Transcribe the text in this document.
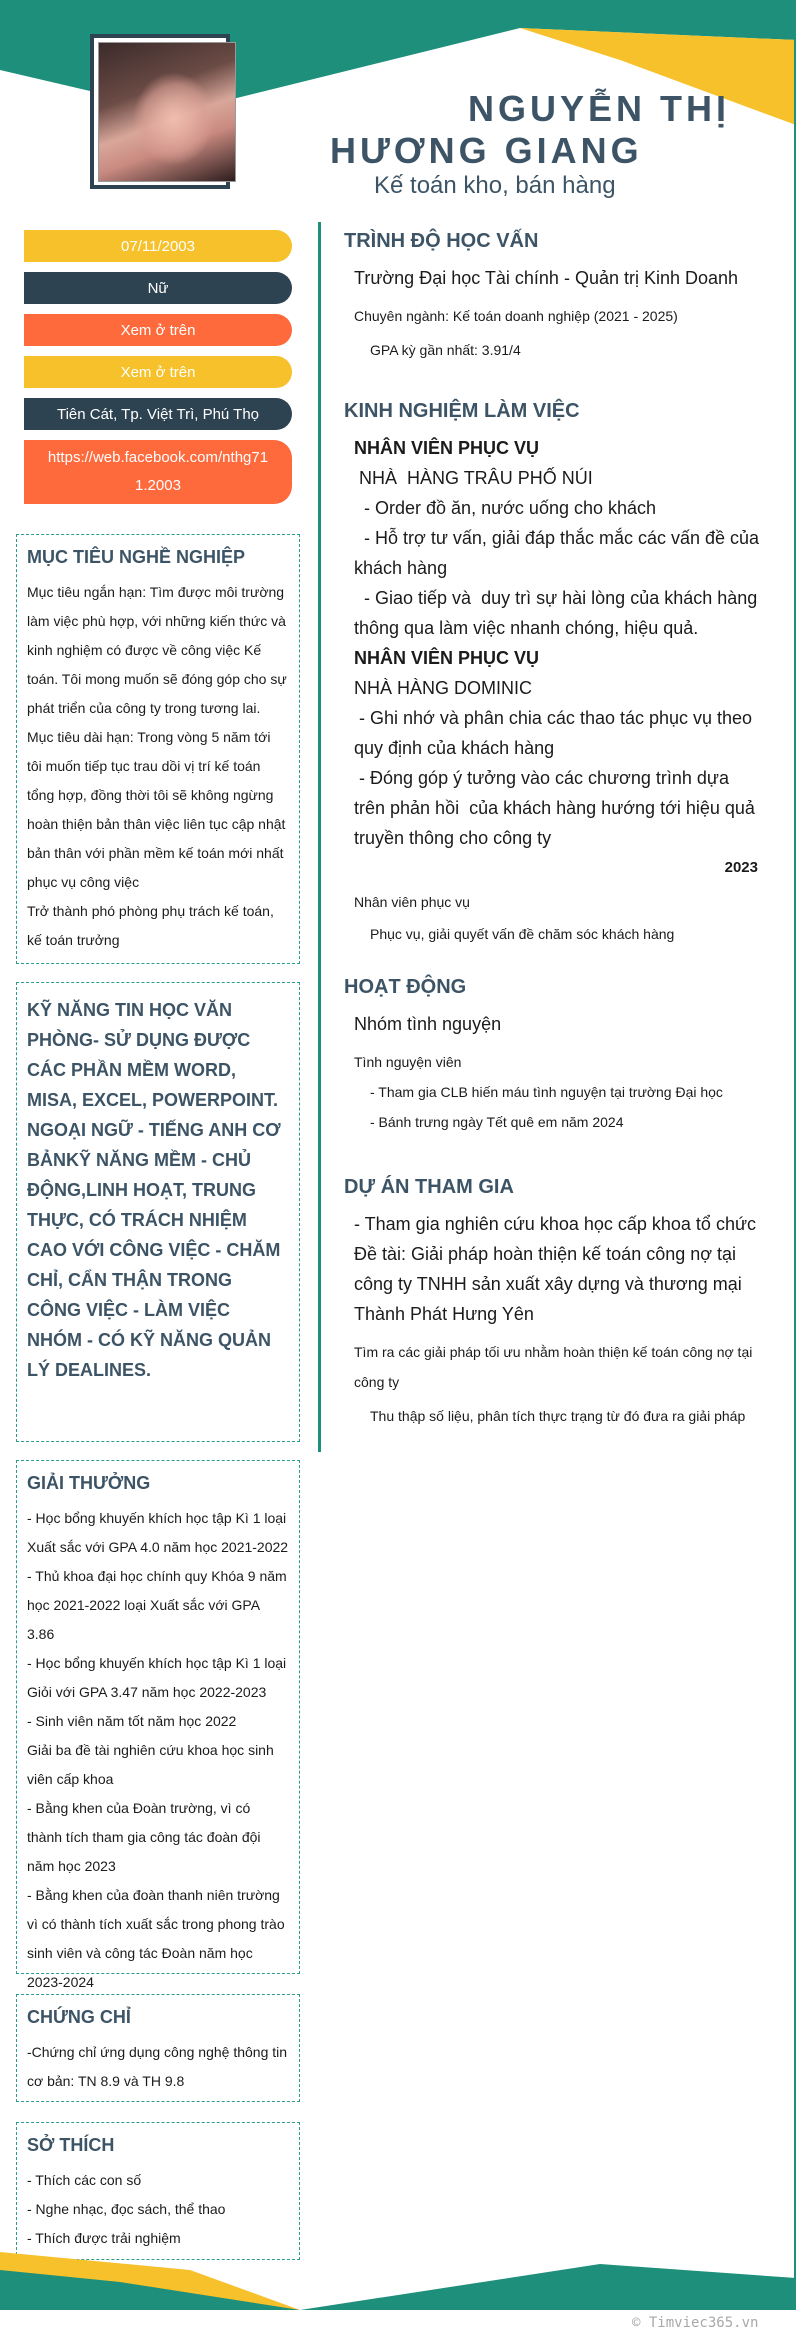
NGUYỄN THỊ
HƯƠNG GIANG
Kế toán kho, bán hàng
07/11/2003
Nữ
Xem ở trên
Xem ở trên
Tiên Cát, Tp. Việt Trì, Phú Thọ
https://web.facebook.com/nthg71 1.2003
MỤC TIÊU NGHỀ NGHIỆP
Mục tiêu ngắn hạn: Tìm được môi trường làm việc phù hợp, với những kiến thức và kinh nghiệm có được về công việc Kế toán. Tôi mong muốn sẽ đóng góp cho sự phát triển của công ty trong tương lai.
Mục tiêu dài hạn: Trong vòng 5 năm tới tôi muốn tiếp tục trau dồi vị trí kế toán tổng hợp, đồng thời tôi sẽ không ngừng hoàn thiện bản thân việc liên tục cập nhật bản thân với phần mềm kế toán mới nhất phục vụ công việc
Trở thành phó phòng phụ trách kế toán, kế toán trưởng
KỸ NĂNG TIN HỌC VĂN PHÒNG- SỬ DỤNG ĐƯỢC CÁC PHẦN MỀM WORD, MISA, EXCEL, POWERPOINT. NGOẠI NGỮ - TIẾNG ANH CƠ BẢNKỸ NĂNG MỀM - CHỦ ĐỘNG,LINH HOẠT, TRUNG THỰC, CÓ TRÁCH NHIỆM CAO VỚI CÔNG VIỆC - CHĂM CHỈ, CẨN THẬN TRONG CÔNG VIỆC - LÀM VIỆC NHÓM - CÓ KỸ NĂNG QUẢN LÝ DEALINES.
GIẢI THƯỞNG
- Học bổng khuyến khích học tập Kì 1 loại Xuất sắc với GPA 4.0 năm học 2021-2022
- Thủ khoa đại học chính quy Khóa 9 năm học 2021-2022 loại Xuất sắc với GPA 3.86
- Học bổng khuyến khích học tập Kì 1 loại Giỏi với GPA 3.47 năm học 2022-2023
- Sinh viên năm tốt năm học 2022
Giải ba đề tài nghiên cứu khoa học sinh viên cấp khoa
- Bằng khen của Đoàn trường, vì có thành tích tham gia công tác đoàn đội năm học 2023
- Bằng khen của đoàn thanh niên trường vì có thành tích xuất sắc trong phong trào sinh viên và công tác Đoàn năm học 2023-2024
CHỨNG CHỈ
-Chứng chỉ ứng dụng công nghệ thông tin cơ bản: TN 8.9 và TH 9.8
SỞ THÍCH
- Thích các con số
- Nghe nhạc, đọc sách, thể thao
- Thích được trải nghiệm
TRÌNH ĐỘ HỌC VẤN
Trường Đại học Tài chính - Quản trị Kinh Doanh
Chuyên ngành: Kế toán doanh nghiệp (2021 - 2025)
GPA kỳ gần nhất: 3.91/4
KINH NGHIỆM LÀM VIỆC
NHÂN VIÊN PHỤC VỤ
NHÀ  HÀNG TRÂU PHỐ NÚI
- Order đồ ăn, nước uống cho khách
- Hỗ trợ tư vấn, giải đáp thắc mắc các vấn đề của khách hàng
- Giao tiếp và  duy trì sự hài lòng của khách hàng thông qua làm việc nhanh chóng, hiệu quả.
NHÂN VIÊN PHỤC VỤ
NHÀ HÀNG DOMINIC
- Ghi nhớ và phân chia các thao tác phục vụ theo quy định của khách hàng
- Đóng góp ý tưởng vào các chương trình dựa trên phản hồi  của khách hàng hướng tới hiệu quả truyền thông cho công ty
2023
Nhân viên phục vụ
Phục vụ, giải quyết vấn đề chăm sóc khách hàng
HOẠT ĐỘNG
Nhóm tình nguyện
Tình nguyện viên
- Tham gia CLB hiến máu tình nguyện tại trường Đại học
- Bánh trưng ngày Tết quê em năm 2024
DỰ ÁN THAM GIA
- Tham gia nghiên cứu khoa học cấp khoa tổ chức Đề tài: Giải pháp hoàn thiện kế toán công nợ tại công ty TNHH sản xuất xây dựng và thương mại Thành Phát Hưng Yên
Tìm ra các giải pháp tối ưu nhằm hoàn thiện kế toán công nợ tại công ty
Thu thập số liệu, phân tích thực trạng từ đó đưa ra giải pháp
© Timviec365.vn
